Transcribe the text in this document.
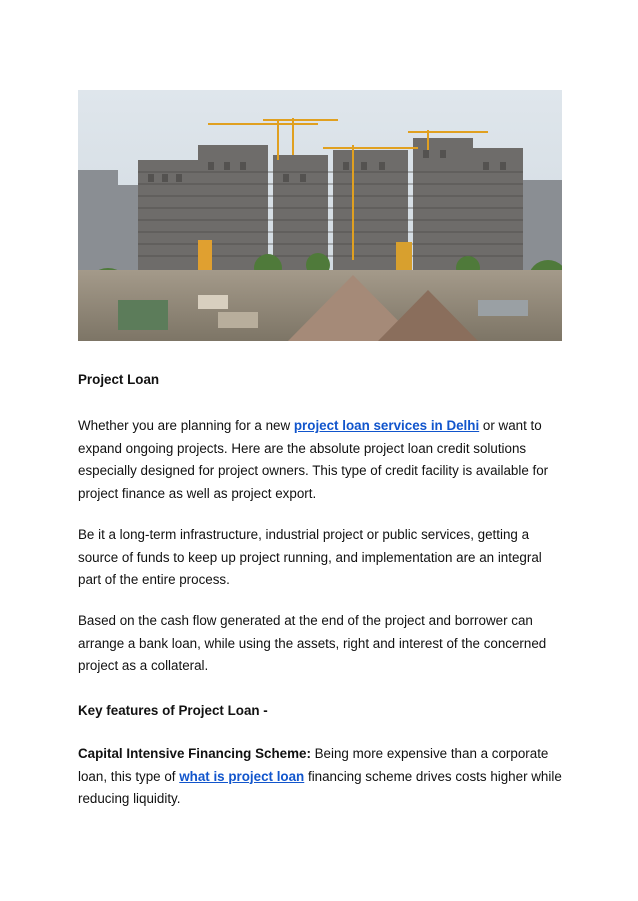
Project Loan

Whether you are planning for a new project loan services in Delhi or want to expand ongoing projects. Here are the absolute project loan credit solutions especially designed for project owners. This type of credit facility is available for project finance as well as project export.

Be it a long-term infrastructure, industrial project or public services, getting a source of funds to keep up project running, and implementation are an integral part of the entire process.

Based on the cash flow generated at the end of the project and borrower can arrange a bank loan, while using the assets, right and interest of the concerned project as a collateral.

Key features of Project Loan -

Capital Intensive Financing Scheme: Being more expensive than a corporate loan, this type of what is project loan financing scheme drives costs higher while reducing liquidity.
